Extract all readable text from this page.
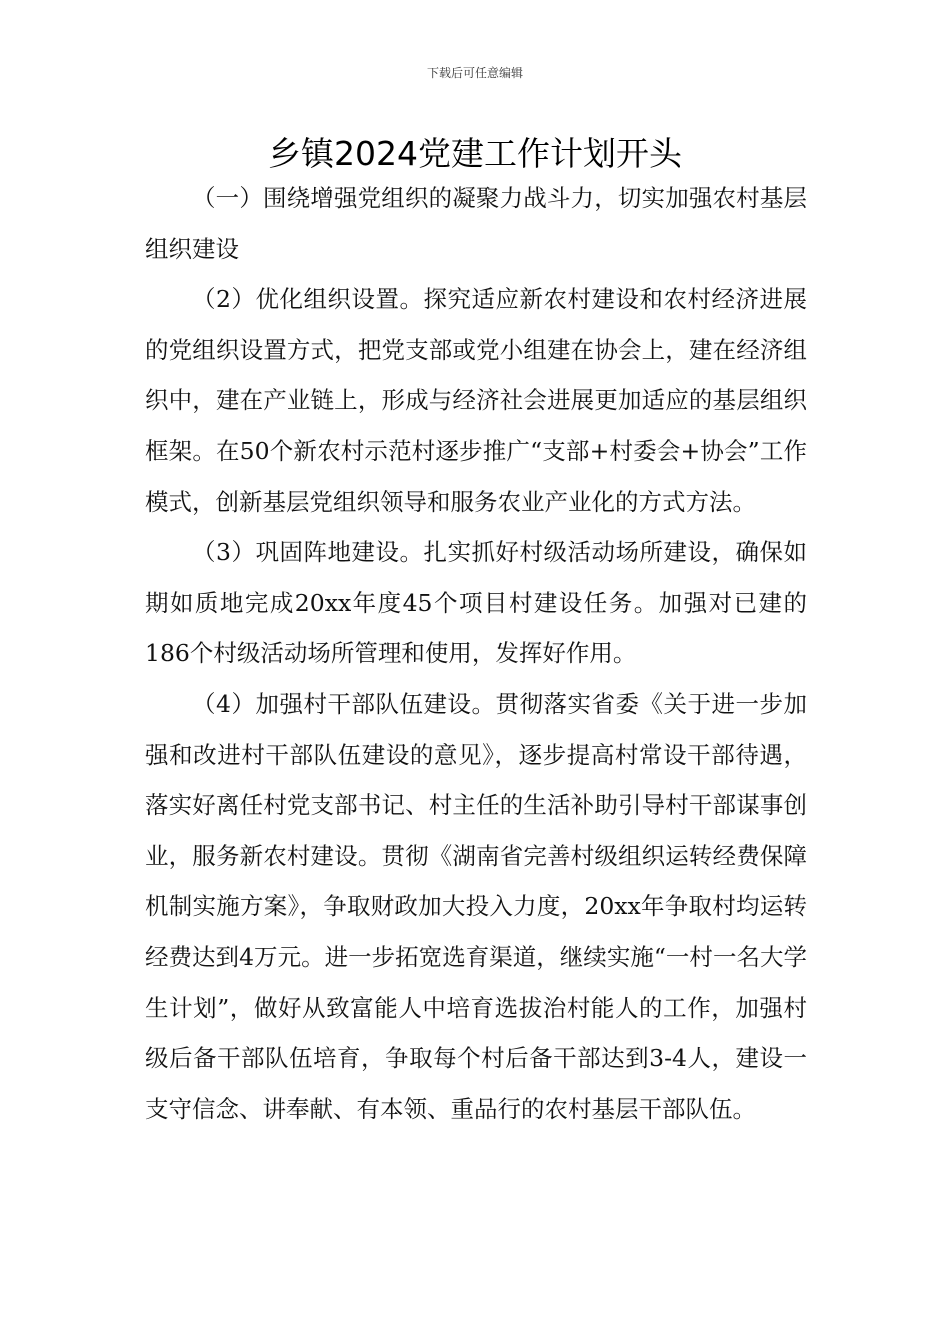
下载后可任意编辑
乡镇2024党建工作计划开头

（一）围绕增强党组织的凝聚力战斗力，切实加强农村基层组织建设

（2）优化组织设置。探究适应新农村建设和农村经济进展的党组织设置方式，把党支部或党小组建在协会上，建在经济组织中，建在产业链上，形成与经济社会进展更加适应的基层组织框架。在50个新农村示范村逐步推广“支部+村委会+协会”工作模式，创新基层党组织领导和服务农业产业化的方式方法。

（3）巩固阵地建设。扎实抓好村级活动场所建设，确保如期如质地完成20xx年度45个项目村建设任务。加强对已建的186个村级活动场所管理和使用，发挥好作用。

（4）加强村干部队伍建设。贯彻落实省委《关于进一步加强和改进村干部队伍建设的意见》，逐步提高村常设干部待遇，落实好离任村党支部书记、村主任的生活补助引导村干部谋事创业，服务新农村建设。贯彻《湖南省完善村级组织运转经费保障机制实施方案》，争取财政加大投入力度，20xx年争取村均运转经费达到4万元。进一步拓宽选育渠道，继续实施“一村一名大学生计划”，做好从致富能人中培育选拔治村能人的工作，加强村级后备干部队伍培育，争取每个村后备干部达到3-4人，建设一支守信念、讲奉献、有本领、重品行的农村基层干部队伍。
